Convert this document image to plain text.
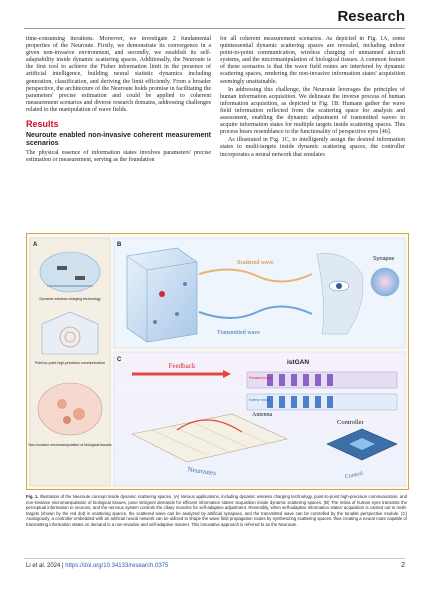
Research

time-consuming iterations. Moreover, we investigate 2 fundamental properties of the Neuroute. Firstly, we demonstrate its convergence in a given non-invasive environment, and secondly, we establish its self-adaptability inside dynamic scattering spaces. Additionally, the Neuroute is the first tool to achieve the Fisher information limit in the presence of artificial intelligence, building neural statistic dynamics including generation, classification, and deriving the limit efficiently. From a broader perspective, the architecture of the Neuroute holds promise in facilitating the parameters' precise estimation and could be applied to coherent measurement scenarios and diverse research domains, addressing challenges related to the manipulation of wave fields.

Results
Neuroute enabled non-invasive coherent measurement scenarios

The physical essence of information states involves parameters' precise estimation or measurement, serving as the foundation

for all coherent measurement scenarios. As depicted in Fig. 1A, some quintessential dynamic scattering spaces are revealed, including indoor point-to-point communication, wireless charging of unmanned aircraft systems, and the micromanipulation of biological tissues. A common feature of these scenarios is that the wave field routes are interfered by dynamic scattering spaces, rendering the non-invasive information states' acquisition seemingly unattainable.

In addressing this challenge, the Neuroute leverages the principles of human information acquisition. We delineate the inverse process of human information acquisition, as depicted in Fig. 1B: Humans gather the wave field information reflected from the scattering space for analysis and assessment, enabling the dynamic adjustment of transmitted waves to acquire information states for multiple targets inside scattering spaces. This process bears resemblance to the functionality of perspective eyes [46].

As illustrated in Fig. 1C, to intelligently assign the desired information states to multi-targets inside dynamic scattering spaces, the controller incorporates a neural network that emulates

A
Dynamic wireless charging technology
Point-to-point high-precision communication
Non-invasive micromanipulation of biological tissues
B
Scattered wave
Transmitted wave
Synapse
C
Feedback	istGAN
Forward model
Inverse model
Antenna
Neuroutes
Controller
Control
Fig. 1. Illustration of the Neuroute concept inside dynamic scattering spaces. (A) Various applications, including dynamic wireless charging technology, point-to-point high-precision communication, and non-invasive micromanipulation of biological tissues, pose stringent demands for efficient information states' acquisition inside dynamic scattering spaces. (B) The retina of human eyes transmits the perceptual information to neurons, and the nervous system controls the ciliary muscles for self-adaptive adjustment. Reversibly, when self-adaptive information states' acquisition is carried out to multi-targets (shown by the red dot) in scattering spaces, the scattered wave can be analyzed by artificial synapses, and the transmitted wave can be controlled by the tunable perspective module. (C) Analogously, a controller embedded with an artificial neural network can be utilized to shape the wave field propagation routes by synthesizing scattering spaces, thus creating a neural route capable of transmitting information states on demand in a non-invasive and self-adaptive manner. This innovative approach is referred to as the Neuroute.
Li et al. 2024 | https://doi.org/10.34133/research.0375	2
